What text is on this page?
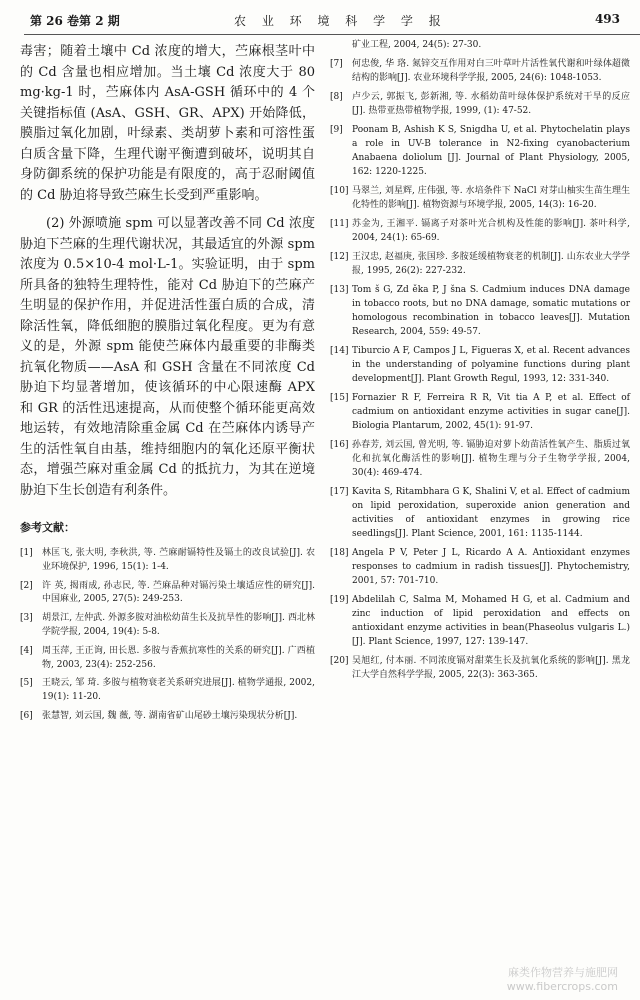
第 26 卷第 2 期	农 业 环 境 科 学 学 报	493

毒害；随着土壤中 Cd 浓度的增大，苎麻根茎叶中的 Cd 含量也相应增加。当土壤 Cd 浓度大于 80 mg·kg-1 时，苎麻体内 AsA-GSH 循环中的 4 个关键指标值 (AsA、GSH、GR、APX) 开始降低，膜脂过氧化加剧，叶绿素、类胡萝卜素和可溶性蛋白质含量下降，生理代谢平衡遭到破坏，说明其自身防御系统的保护功能是有限度的，高于忍耐阈值的 Cd 胁迫将导致苎麻生长受到严重影响。

(2) 外源喷施 spm 可以显著改善不同 Cd 浓度胁迫下苎麻的生理代谢状况，其最适宜的外源 spm 浓度为 0.5×10-4 mol·L-1。实验证明，由于 spm 所具备的独特生理特性，能对 Cd 胁迫下的苎麻产生明显的保护作用，并促进活性蛋白质的合成，清除活性氧，降低细胞的膜脂过氧化程度。更为有意义的是，外源 spm 能使苎麻体内最重要的非酶类抗氧化物质——AsA 和 GSH 含量在不同浓度 Cd 胁迫下均显著增加，使该循环的中心限速酶 APX 和 GR 的活性迅速提高，从而使整个循环能更高效地运转，有效地清除重金属 Cd 在苎麻体内诱导产生的活性氧自由基，维持细胞内的氧化还原平衡状态，增强苎麻对重金属 Cd 的抵抗力，为其在逆境胁迫下生长创造有利条件。

参考文献：
[1]	林匡飞, 张大明, 李秋洪, 等. 苎麻耐镉特性及镉土的改良试验[J]. 农业环境保护, 1996, 15(1): 1-4.
[2]	许 英, 揭雨成, 孙志民, 等. 苎麻品种对镉污染土壤适应性的研究[J]. 中国麻业, 2005, 27(5): 249-253.
[3]	胡景江, 左仲武. 外源多胺对油松幼苗生长及抗旱性的影响[J]. 西北林学院学报, 2004, 19(4): 5-8.
[4]	周玉萍, 王正询, 田长恩. 多胺与香蕉抗寒性的关系的研究[J]. 广西植物, 2003, 23(4): 252-256.
[5]	王晓云, 邹 琦. 多胺与植物衰老关系研究进展[J]. 植物学通报, 2002, 19(1): 11-20.
[6]	张慧智, 刘云国, 魏 薇, 等. 湖南省矿山尾砂土壤污染现状分析[J].
矿业工程, 2004, 24(5): 27-30.
[7]	何忠俊, 华 珞. 氮锌交互作用对白三叶草叶片活性氧代谢和叶绿体超微结构的影响[J]. 农业环境科学学报, 2005, 24(6): 1048-1053.
[8]	卢少云, 郭振飞, 彭新湘, 等. 水稻幼苗叶绿体保护系统对干旱的反应[J]. 热带亚热带植物学报, 1999, (1): 47-52.
[9]	Poonam B, Ashish K S, Snigdha U, et al. Phytochelatin plays a role in UV-B tolerance in N2-fixing cyanobacterium Anabaena doliolum [J]. Journal of Plant Physiology, 2005, 162: 1220-1225.
[10] 马翠兰, 刘星辉, 庄伟强, 等. 水培条件下 NaCl 对芽山柚实生苗生理生化特性的影响[J]. 植物资源与环境学报, 2005, 14(3): 16-20.
[11] 苏金为, 王湘平. 镉离子对茶叶光合机构及性能的影响[J]. 茶叶科学, 2004, 24(1): 65-69.
[12] 王汉忠, 赵福庚, 张国珍. 多胺延缓植物衰老的机制[J]. 山东农业大学学报, 1995, 26(2): 227-232.
[13] Tom š G, Zd ěka P, J šna S. Cadmium induces DNA damage in tobacco roots, but no DNA damage, somatic mutations or homologous recombination in tobacco leaves[J]. Mutation Research, 2004, 559: 49-57.
[14] Tiburcio A F, Campos J L, Figueras X, et al. Recent advances in the understanding of polyamine functions during plant development[J]. Plant Growth Regul, 1993, 12: 331-340.
[15] Fornazier R F, Ferreira R R, Vit tia A P, et al. Effect of cadmium on antioxidant enzyme activities in sugar cane[J]. Biologia Plantarum, 2002, 45(1): 91-97.
[16] 孙春芳, 刘云国, 曾光明, 等. 镉胁迫对萝卜幼苗活性氧产生、脂质过氧化和抗氧化酶活性的影响[J]. 植物生理与分子生物学学报, 2004, 30(4): 469-474.
[17] Kavita S, Ritambhara G K, Shalini V, et al. Effect of cadmium on lipid peroxidation, superoxide anion generation and activities of antioxidant enzymes in growing rice seedlings[J]. Plant Science, 2001, 161: 1135-1144.
[18] Angela P V, Peter J L, Ricardo A A. Antioxidant enzymes responses to cadmium in radish tissues[J]. Phytochemistry, 2001, 57: 701-710.
[19] Abdelilah C, Salma M, Mohamed H G, et al. Cadmium and zinc induction of lipid peroxidation and effects on antioxidant enzyme activities in bean(Phaseolus vulgaris L.)[J]. Plant Science, 1997, 127: 139-147.
[20] 吴旭红, 付本丽. 不同浓度镉对甜菜生长及抗氧化系统的影响[J]. 黑龙江大学自然科学学报, 2005, 22(3): 363-365.
麻类作物营养与施肥网
www.fibercrops.com
